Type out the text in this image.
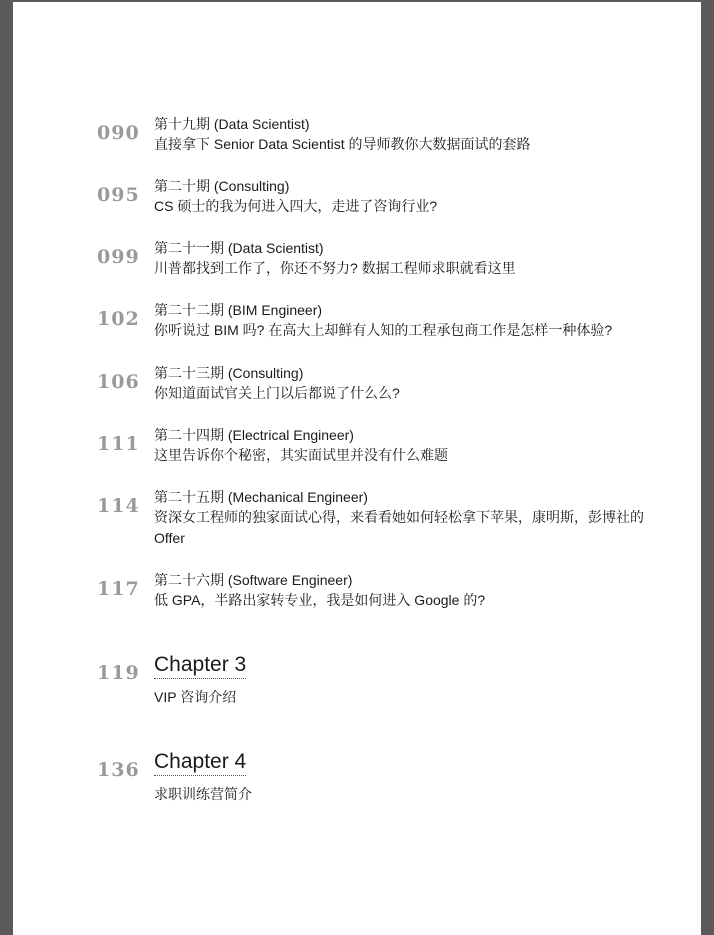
090 第十九期 (Data Scientist)
直接拿下 Senior Data Scientist 的导师教你大数据面试的套路
095 第二十期 (Consulting)
CS 硕士的我为何进入四大，走进了咨询行业?
099 第二十一期 (Data Scientist)
川普都找到工作了，你还不努力? 数据工程师求职就看这里
102 第二十二期 (BIM Engineer)
你听说过 BIM 吗? 在高大上却鲜有人知的工程承包商工作是怎样一种体验?
106 第二十三期 (Consulting)
你知道面试官关上门以后都说了什么么?
111 第二十四期 (Electrical Engineer)
这里告诉你个秘密，其实面试里并没有什么难题
114 第二十五期 (Mechanical Engineer)
资深女工程师的独家面试心得，来看看她如何轻松拿下苹果，康明斯，彭博社的 Offer
117 第二十六期 (Software Engineer)
低 GPA，半路出家转专业，我是如何进入 Google 的?
119 Chapter 3
VIP 咨询介绍
136 Chapter 4
求职训练营简介
